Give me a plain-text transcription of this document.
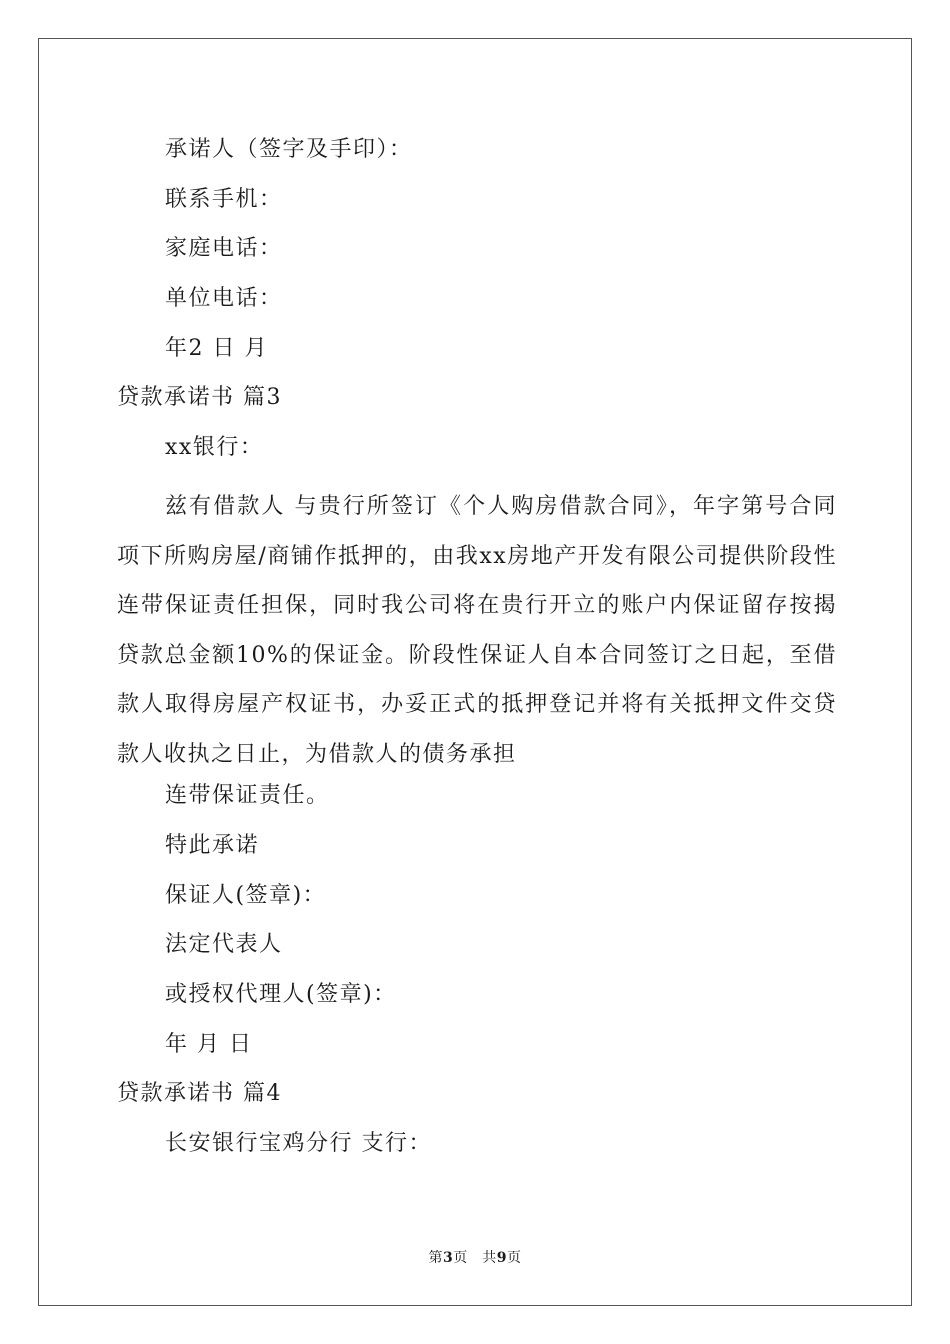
承诺人（签字及手印）：
联系手机：
家庭电话：
单位电话：
年2 日 月
贷款承诺书 篇3
xx银行：
兹有借款人 与贵行所签订《个人购房借款合同》，年字第号合同项下所购房屋/商铺作抵押的，由我xx房地产开发有限公司提供阶段性连带保证责任担保，同时我公司将在贵行开立的账户内保证留存按揭贷款总金额10%的保证金。阶段性保证人自本合同签订之日起，至借款人取得房屋产权证书，办妥正式的抵押登记并将有关抵押文件交贷款人收执之日止，为借款人的债务承担
连带保证责任。
特此承诺
保证人(签章)：
法定代表人
或授权代理人(签章)：
年 月 日
贷款承诺书 篇4
长安银行宝鸡分行 支行：
第3页　共9页
